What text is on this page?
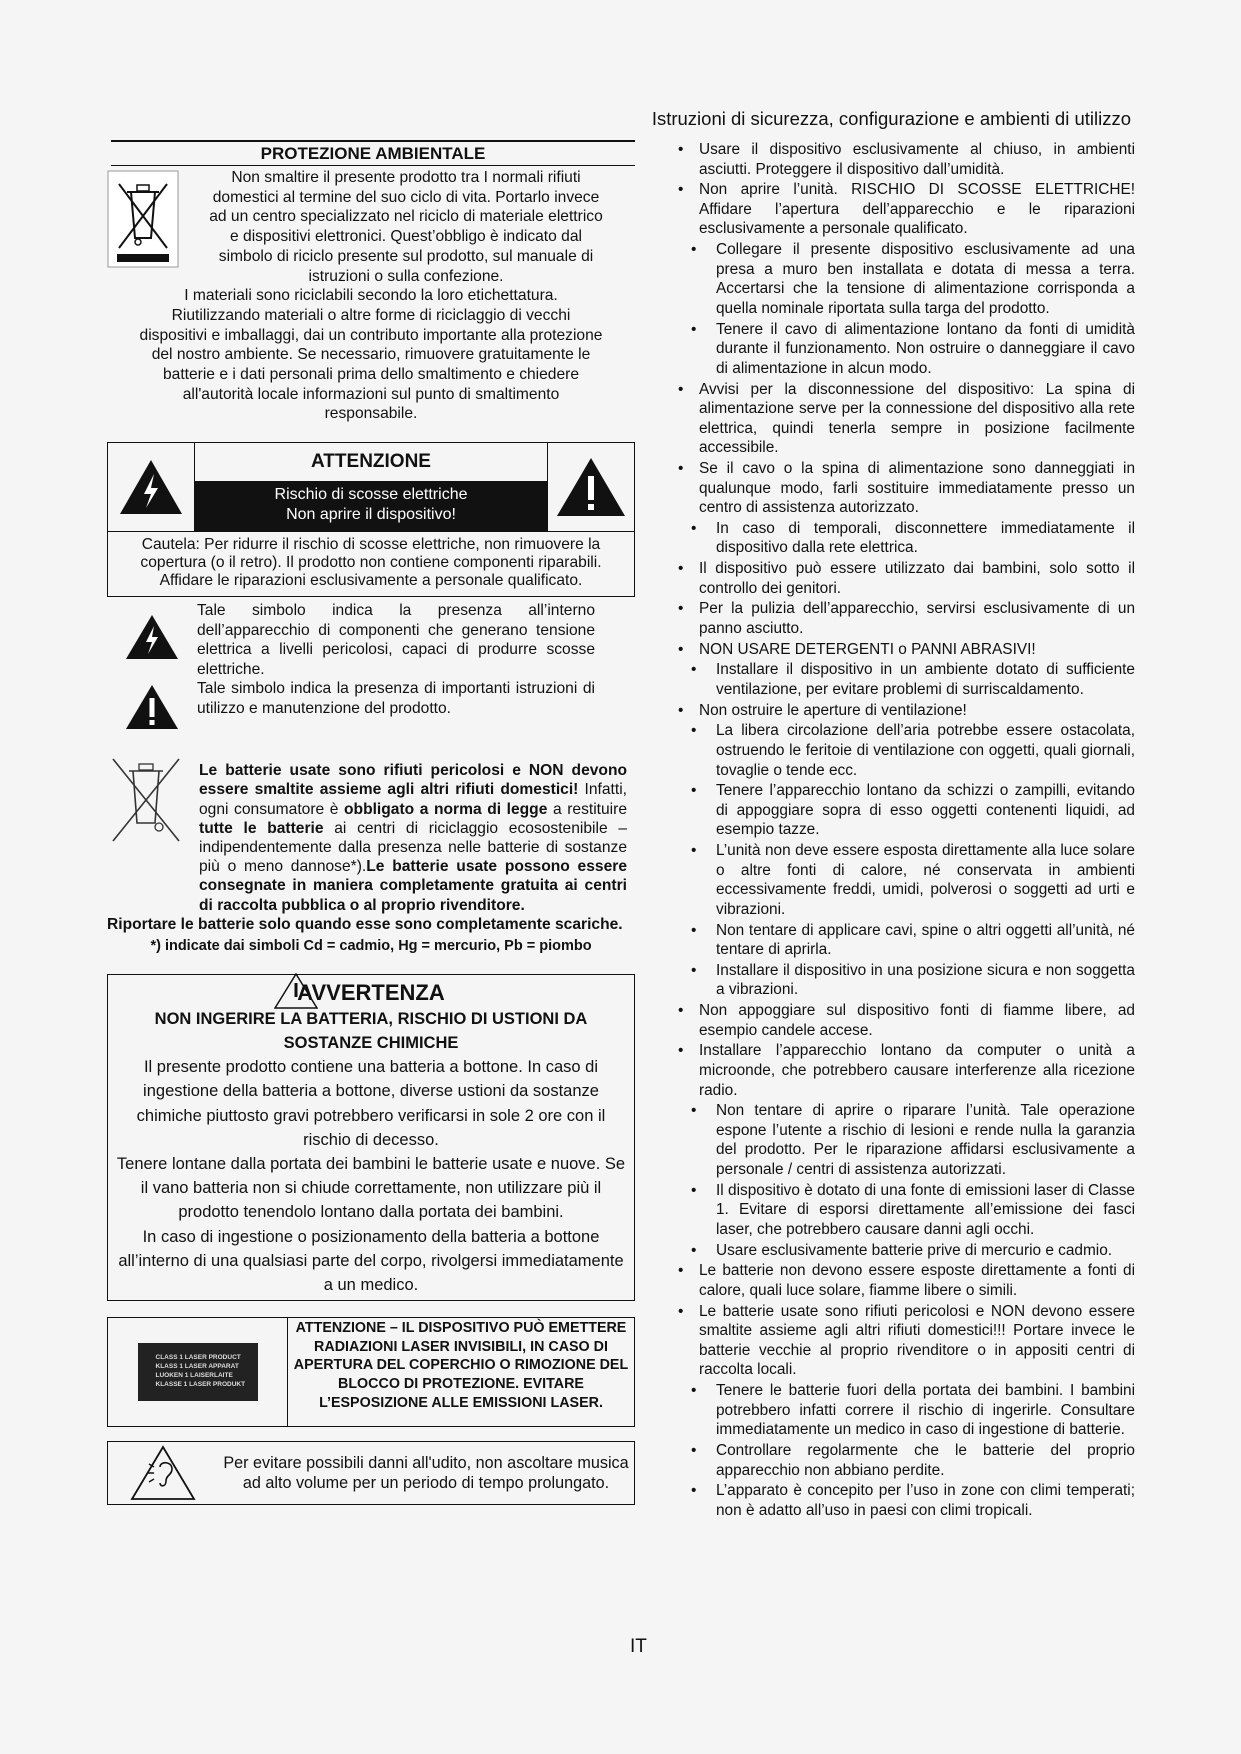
Istruzioni di sicurezza, configurazione e ambienti di utilizzo
PROTEZIONE AMBIENTALE
Non smaltire il presente prodotto tra I normali rifiuti
domestici al termine del suo ciclo di vita. Portarlo invece
ad un centro specializzato nel riciclo di materiale elettrico
e dispositivi elettronici. Quest’obbligo è indicato dal
simbolo di riciclo presente sul prodotto, sul manuale di
istruzioni o sulla confezione.
I materiali sono riciclabili secondo la loro etichettatura.
Riutilizzando materiali o altre forme di riciclaggio di vecchi
dispositivi e imballaggi, dai un contributo importante alla protezione
del nostro ambiente. Se necessario, rimuovere gratuitamente le
batterie e i dati personali prima dello smaltimento e chiedere
all'autorità locale informazioni sul punto di smaltimento
responsabile.
ATTENZIONE
Rischio di scosse elettriche
Non aprire il dispositivo!
Cautela: Per ridurre il rischio di scosse elettriche, non rimuovere la copertura (o il retro). Il prodotto non contiene componenti riparabili. Affidare le riparazioni esclusivamente a personale qualificato.
Tale simbolo indica la presenza all’interno dell’apparecchio di componenti che generano tensione elettrica a livelli pericolosi, capaci di produrre scosse elettriche.
Tale simbolo indica la presenza di importanti istruzioni di utilizzo e manutenzione del prodotto.
Le batterie usate sono rifiuti pericolosi e NON devono essere smaltite assieme agli altri rifiuti domestici! Infatti, ogni consumatore è obbligato a norma di legge a restituire tutte le batterie ai centri di riciclaggio ecosostenibile – indipendentemente dalla presenza nelle batterie di sostanze più o meno dannose*).Le batterie usate possono essere consegnate in maniera completamente gratuita ai centri di raccolta pubblica o al proprio rivenditore.
Riportare le batterie solo quando esse sono completamente scariche.
*) indicate dai simboli Cd = cadmio, Hg = mercurio, Pb = piombo
AVVERTENZA
NON INGERIRE LA BATTERIA, RISCHIO DI USTIONI DA SOSTANZE CHIMICHE
Il presente prodotto contiene una batteria a bottone. In caso di ingestione della batteria a bottone, diverse ustioni da sostanze chimiche piuttosto gravi potrebbero verificarsi in sole 2 ore con il rischio di decesso.
Tenere lontane dalla portata dei bambini le batterie usate e nuove. Se il vano batteria non si chiude correttamente, non utilizzare più il prodotto tenendolo lontano dalla portata dei bambini.
In caso di ingestione o posizionamento della batteria a bottone all’interno di una qualsiasi parte del corpo, rivolgersi immediatamente a un medico.
CLASS 1 LASER PRODUCT
KLASS 1 LASER APPARAT
LUOKEN 1 LAISERLAITE
KLASSE 1 LASER PRODUKT
ATTENZIONE – IL DISPOSITIVO PUÒ EMETTERE RADIAZIONI LASER INVISIBILI, IN CASO DI APERTURA DEL COPERCHIO O RIMOZIONE DEL BLOCCO DI PROTEZIONE. EVITARE L’ESPOSIZIONE ALLE EMISSIONI LASER.
Per evitare possibili danni all'udito, non ascoltare musica ad alto volume per un periodo di tempo prolungato.
• Usare il dispositivo esclusivamente al chiuso, in ambienti asciutti. Proteggere il dispositivo dall’umidità.
• Non aprire l’unità. RISCHIO DI SCOSSE ELETTRICHE! Affidare l’apertura dell’apparecchio e le riparazioni esclusivamente a personale qualificato.
• Collegare il presente dispositivo esclusivamente ad una presa a muro ben installata e dotata di messa a terra. Accertarsi che la tensione di alimentazione corrisponda a quella nominale riportata sulla targa del prodotto.
• Tenere il cavo di alimentazione lontano da fonti di umidità durante il funzionamento. Non ostruire o danneggiare il cavo di alimentazione in alcun modo.
• Avvisi per la disconnessione del dispositivo: La spina di alimentazione serve per la connessione del dispositivo alla rete elettrica, quindi tenerla sempre in posizione facilmente accessibile.
• Se il cavo o la spina di alimentazione sono danneggiati in qualunque modo, farli sostituire immediatamente presso un centro di assistenza autorizzato.
• In caso di temporali, disconnettere immediatamente il dispositivo dalla rete elettrica.
• Il dispositivo può essere utilizzato dai bambini, solo sotto il controllo dei genitori.
• Per la pulizia dell’apparecchio, servirsi esclusivamente di un panno asciutto.
• NON USARE DETERGENTI o PANNI ABRASIVI!
• Installare il dispositivo in un ambiente dotato di sufficiente ventilazione, per evitare problemi di surriscaldamento.
• Non ostruire le aperture di ventilazione!
• La libera circolazione dell’aria potrebbe essere ostacolata, ostruendo le feritoie di ventilazione con oggetti, quali giornali, tovaglie o tende ecc.
• Tenere l’apparecchio lontano da schizzi o zampilli, evitando di appoggiare sopra di esso oggetti contenenti liquidi, ad esempio tazze.
• L’unità non deve essere esposta direttamente alla luce solare o altre fonti di calore, né conservata in ambienti eccessivamente freddi, umidi, polverosi o soggetti ad urti e vibrazioni.
• Non tentare di applicare cavi, spine o altri oggetti all’unità, né tentare di aprirla.
• Installare il dispositivo in una posizione sicura e non soggetta a vibrazioni.
• Non appoggiare sul dispositivo fonti di fiamme libere, ad esempio candele accese.
• Installare l’apparecchio lontano da computer o unità a microonde, che potrebbero causare interferenze alla ricezione radio.
• Non tentare di aprire o riparare l’unità. Tale operazione espone l’utente a rischio di lesioni e rende nulla la garanzia del prodotto. Per le riparazione affidarsi esclusivamente a personale / centri di assistenza autorizzati.
• Il dispositivo è dotato di una fonte di emissioni laser di Classe 1. Evitare di esporsi direttamente all’emissione dei fasci laser, che potrebbero causare danni agli occhi.
• Usare esclusivamente batterie prive di mercurio e cadmio.
• Le batterie non devono essere esposte direttamente a fonti di calore, quali luce solare, fiamme libere o simili.
• Le batterie usate sono rifiuti pericolosi e NON devono essere smaltite assieme agli altri rifiuti domestici!!! Portare invece le batterie vecchie al proprio rivenditore o in appositi centri di raccolta locali.
• Tenere le batterie fuori della portata dei bambini. I bambini potrebbero infatti correre il rischio di ingerirle. Consultare immediatamente un medico in caso di ingestione di batterie.
• Controllare regolarmente che le batterie del proprio apparecchio non abbiano perdite.
• L’apparato è concepito per l’uso in zone con climi temperati; non è adatto all’uso in paesi con climi tropicali.
IT
